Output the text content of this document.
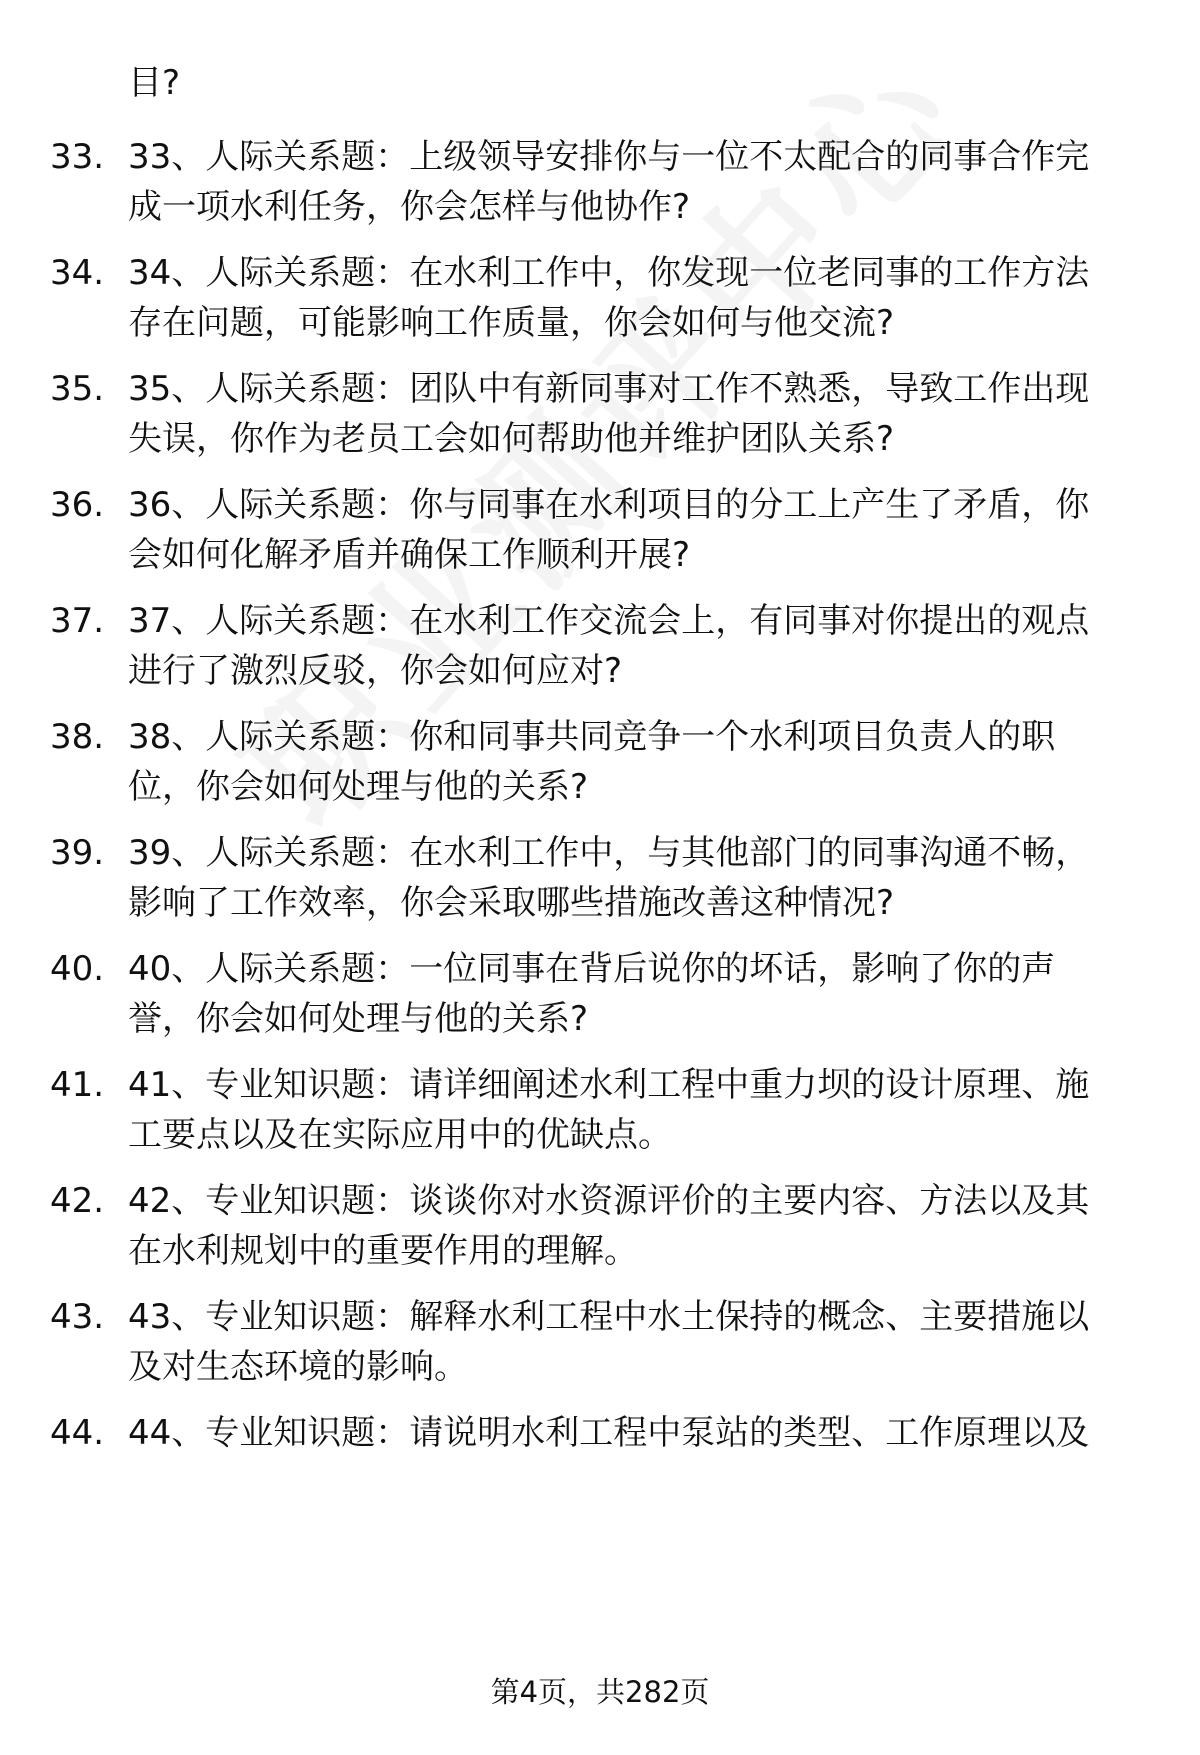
目?
33. 33、人际关系题：上级领导安排你与一位不太配合的同事合作完
成一项水利任务，你会怎样与他协作?
34. 34、人际关系题：在水利工作中，你发现一位老同事的工作方法
存在问题，可能影响工作质量，你会如何与他交流?
35. 35、人际关系题：团队中有新同事对工作不熟悉，导致工作出现
失误，你作为老员工会如何帮助他并维护团队关系?
36. 36、人际关系题：你与同事在水利项目的分工上产生了矛盾，你
会如何化解矛盾并确保工作顺利开展?
37. 37、人际关系题：在水利工作交流会上，有同事对你提出的观点
进行了激烈反驳，你会如何应对?
38. 38、人际关系题：你和同事共同竞争一个水利项目负责人的职
位，你会如何处理与他的关系?
39. 39、人际关系题：在水利工作中，与其他部门的同事沟通不畅，
影响了工作效率，你会采取哪些措施改善这种情况?
40. 40、人际关系题：一位同事在背后说你的坏话，影响了你的声
誉，你会如何处理与他的关系?
41. 41、专业知识题：请详细阐述水利工程中重力坝的设计原理、施
工要点以及在实际应用中的优缺点。
42. 42、专业知识题：谈谈你对水资源评价的主要内容、方法以及其
在水利规划中的重要作用的理解。
43. 43、专业知识题：解释水利工程中水土保持的概念、主要措施以
及对生态环境的影响。
44. 44、专业知识题：请说明水利工程中泵站的类型、工作原理以及
第4页，共282页
